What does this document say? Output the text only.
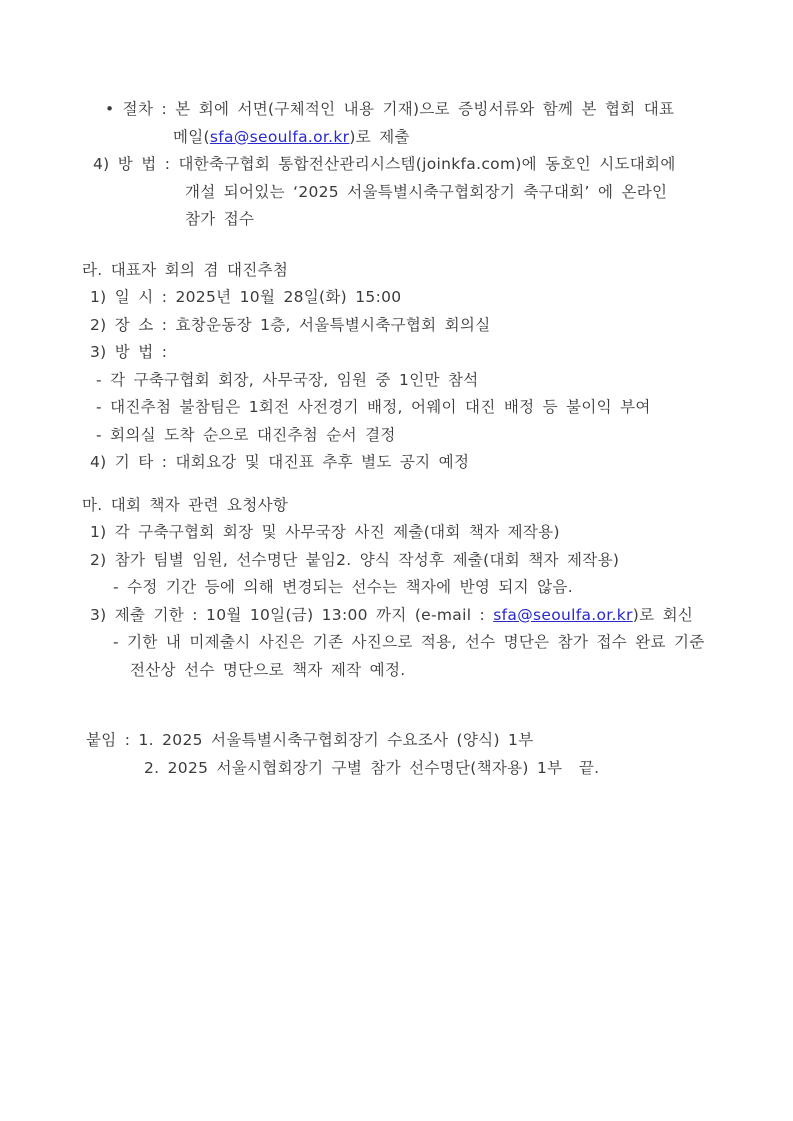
• 절차 : 본 회에 서면(구체적인 내용 기재)으로 증빙서류와 함께 본 협회 대표
메일(sfa@seoulfa.or.kr)로 제출
4) 방 법 : 대한축구협회 통합전산관리시스템(joinkfa.com)에 동호인 시도대회에
개설 되어있는 ‘2025 서울특별시축구협회장기 축구대회’ 에 온라인
참가 접수
라. 대표자 회의 겸 대진추첨
1) 일 시 : 2025년 10월 28일(화) 15:00
2) 장 소 : 효창운동장 1층, 서울특별시축구협회 회의실
3) 방 법 :
- 각 구축구협회 회장, 사무국장, 임원 중 1인만 참석
- 대진추첨 불참팀은 1회전 사전경기 배정, 어웨이 대진 배정 등 불이익 부여
- 회의실 도착 순으로 대진추첨 순서 결정
4) 기 타 : 대회요강 및 대진표 추후 별도 공지 예정
마. 대회 책자 관련 요청사항
1) 각 구축구협회 회장 및 사무국장 사진 제출(대회 책자 제작용)
2) 참가 팀별 임원, 선수명단 붙임2. 양식 작성후 제출(대회 책자 제작용)
- 수정 기간 등에 의해 변경되는 선수는 책자에 반영 되지 않음.
3) 제출 기한 : 10월 10일(금) 13:00 까지 (e-mail : sfa@seoulfa.or.kr)로 회신
- 기한 내 미제출시 사진은 기존 사진으로 적용, 선수 명단은 참가 접수 완료 기준
전산상 선수 명단으로 책자 제작 예정.
붙임 : 1. 2025 서울특별시축구협회장기 수요조사 (양식) 1부
2. 2025 서울시협회장기 구별 참가 선수명단(책자용) 1부  끝.
